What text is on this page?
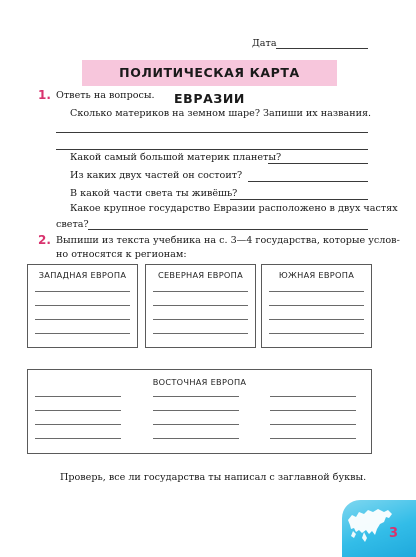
Дата
ПОЛИТИЧЕСКАЯ КАРТА ЕВРАЗИИ
1. Ответь на вопросы.
Сколько материков на земном шаре? Запиши их названия.
Какой самый большой материк планеты?
Из каких двух частей он состоит?
В какой части света ты живёшь?
Какое крупное государство Евразии расположено в двух частях
света?
2. Выпиши из текста учебника на с. 3—4 государства, которые услов-
но относятся к регионам:
ЗАПАДНАЯ ЕВРОПА	СЕВЕРНАЯ ЕВРОПА	ЮЖНАЯ ЕВРОПА
ВОСТОЧНАЯ ЕВРОПА
Проверь, все ли государства ты написал с заглавной буквы.
3
